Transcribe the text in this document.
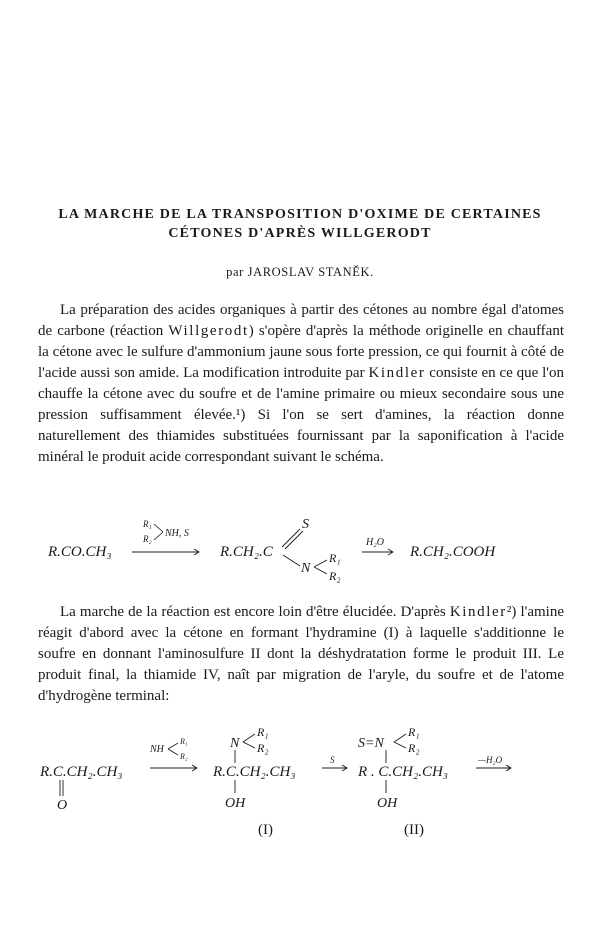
LA MARCHE DE LA TRANSPOSITION D'OXIME DE CERTAINES
CÉTONES D'APRÈS WILLGERODT
par JAROSLAV STANĚK.

La préparation des acides organiques à partir des cétones au nombre égal d'atomes de carbone (réaction Willgerodt) s'opère d'après la méthode originelle en chauffant la cétone avec le sulfure d'ammonium jaune sous forte pression, ce qui fournit à côté de l'acide aussi son amide. La modification introduite par Kindler consiste en ce que l'on chauffe la cétone avec du soufre et de l'amine primaire ou mieux secondaire sous une pression suffisamment élevée.¹) Si l'on se sert d'amines, la réaction donne naturellement des thiamides substituées fournissant par la saponification à l'acide minéral le produit acide correspondant suivant le schéma.

R.CO.CH₃
R₁
R₂ NH, S
R.CH₂.C
S
N
R₁
R₂
H₂O
R.CH₂.COOH

La marche de la réaction est encore loin d'être élucidée. D'après Kindler²) l'amine réagit d'abord avec la cétone en formant l'hydramine (I) à laquelle s'additionne le soufre en donnant l'aminosulfure II dont la déshydratation forme le produit III. Le produit final, la thiamide IV, naît par migration de l'aryle, du soufre et de l'atome d'hydrogène terminal:

R.C.CH₂.CH₃
O
NH
R₁
R₂
N
R₁
R₂
R.C.CH₂.CH₃
OH
S
S=N
R₁
R₂
R . C.CH₂.CH₃
OH
—H₂O
(I)	(II)
